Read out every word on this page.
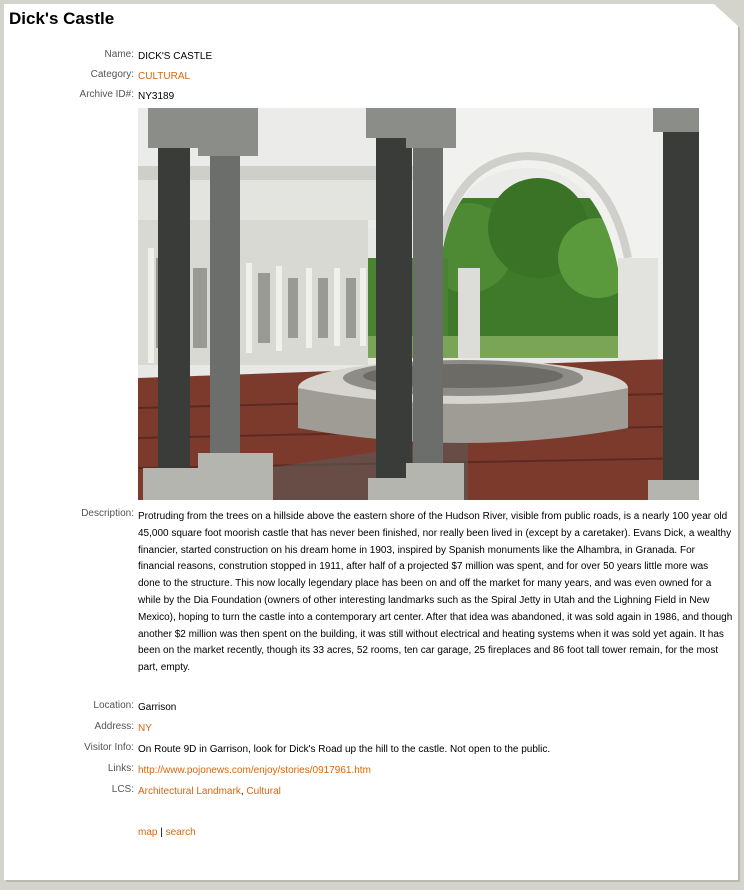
Dick's Castle
Name: DICK'S CASTLE
Category: CULTURAL
Archive ID#: NY3189
Description: Protruding from the trees on a hillside above the eastern shore of the Hudson River, visible from public roads, is a nearly 100 year old 45,000 square foot moorish castle that has never been finished, nor really been lived in (except by a caretaker). Evans Dick, a wealthy financier, started construction on his dream home in 1903, inspired by Spanish monuments like the Alhambra, in Granada. For financial reasons, constrution stopped in 1911, after half of a projected $7 million was spent, and for over 50 years little more was done to the structure. This now locally legendary place has been on and off the market for many years, and was even owned for a while by the Dia Foundation (owners of other interesting landmarks such as the Spiral Jetty in Utah and the Lighning Field in New Mexico), hoping to turn the castle into a contemporary art center. After that idea was abandoned, it was sold again in 1986, and though another $2 million was then spent on the building, it was still without electrical and heating systems when it was sold yet again. It has been on the market recently, though its 33 acres, 52 rooms, ten car garage, 25 fireplaces and 86 foot tall tower remain, for the most part, empty.
Location: Garrison
Address: NY
Visitor Info: On Route 9D in Garrison, look for Dick's Road up the hill to the castle. Not open to the public.
Links: http://www.pojonews.com/enjoy/stories/0917961.htm
LCS: Architectural Landmark, Cultural
map | search
